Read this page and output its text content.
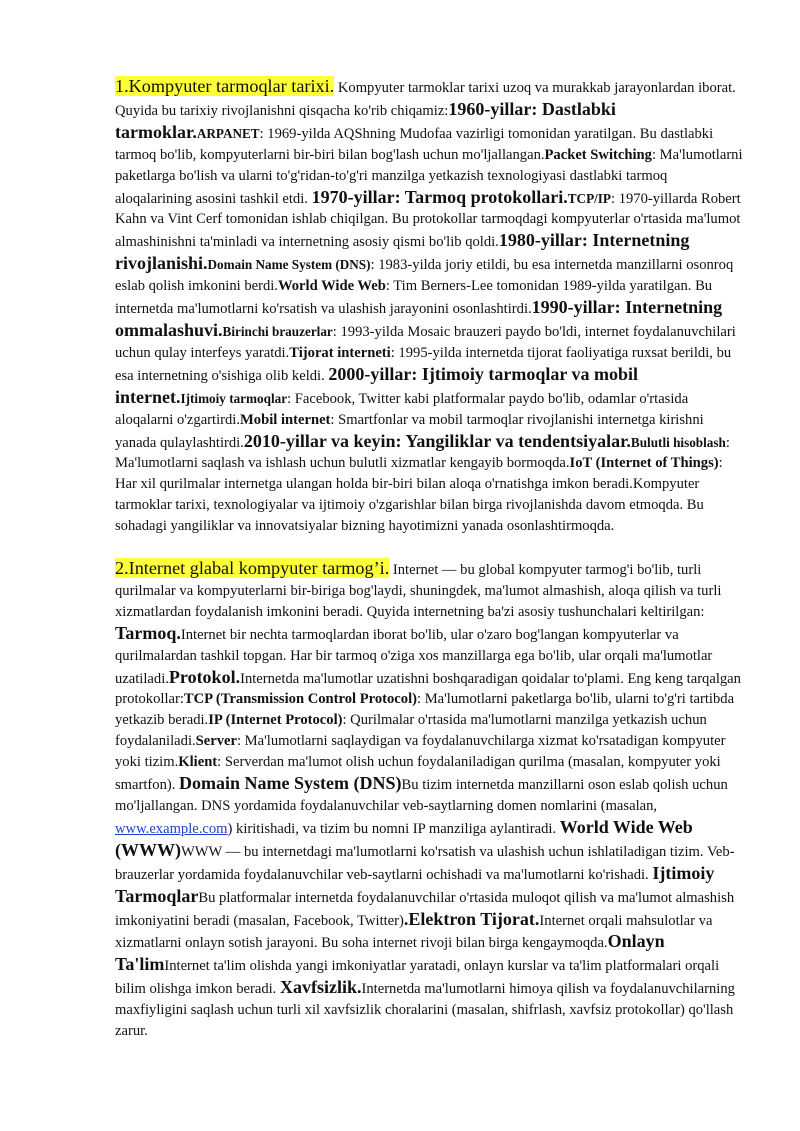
1.Kompyuter tarmoqlar tarixi. Kompyuter tarmoklar tarixi uzoq va murakkab jarayonlardan iborat. Quyida bu tarixiy rivojlanishni qisqacha ko'rib chiqamiz:1960-yillar: Dastlabki tarmoklar.ARPANET: 1969-yilda AQShning Mudofaa vazirligi tomonidan yaratilgan. Bu dastlabki tarmoq bo'lib, kompyuterlarni bir-biri bilan bog'lash uchun mo'ljallangan.Packet Switching: Ma'lumotlarni paketlarga bo'lish va ularni to'g'ridan-to'g'ri manzilga yetkazish texnologiyasi dastlabki tarmoq aloqalarining asosini tashkil etdi. 1970-yillar: Tarmoq protokollari.TCP/IP: 1970-yillarda Robert Kahn va Vint Cerf tomonidan ishlab chiqilgan. Bu protokollar tarmoqdagi kompyuterlar o'rtasida ma'lumot almashinishni ta'minladi va internetning asosiy qismi bo'lib qoldi.1980-yillar: Internetning rivojlanishi.Domain Name System (DNS): 1983-yilda joriy etildi, bu esa internetda manzillarni osonroq eslab qolish imkonini berdi.World Wide Web: Tim Berners-Lee tomonidan 1989-yilda yaratilgan. Bu internetda ma'lumotlarni ko'rsatish va ulashish jarayonini osonlashtirdi.1990-yillar: Internetning ommalashuvi.Birinchi brauzerlar: 1993-yilda Mosaic brauzeri paydo bo'ldi, internet foydalanuvchilari uchun qulay interfeys yaratdi.Tijorat interneti: 1995-yilda internetda tijorat faoliyatiga ruxsat berildi, bu esa internetning o'sishiga olib keldi. 2000-yillar: Ijtimoiy tarmoqlar va mobil internet.Ijtimoiy tarmoqlar: Facebook, Twitter kabi platformalar paydo bo'lib, odamlar o'rtasida aloqalarni o'zgartirdi.Mobil internet: Smartfonlar va mobil tarmoqlar rivojlanishi internetga kirishni yanada qulaylashtirdi.2010-yillar va keyin: Yangiliklar va tendentsiyalar.Bulutli hisoblash: Ma'lumotlarni saqlash va ishlash uchun bulutli xizmatlar kengayib bormoqda.IoT (Internet of Things): Har xil qurilmalar internetga ulangan holda bir-biri bilan aloqa o'rnatishga imkon beradi.Kompyuter tarmoklar tarixi, texnologiyalar va ijtimoiy o'zgarishlar bilan birga rivojlanishda davom etmoqda. Bu sohadagi yangiliklar va innovatsiyalar bizning hayotimizni yanada osonlashtirmoqda.

2.Internet glabal kompyuter tarmog’i. Internet — bu global kompyuter tarmog'i bo'lib, turli qurilmalar va kompyuterlarni bir-biriga bog'laydi, shuningdek, ma'lumot almashish, aloqa qilish va turli xizmatlardan foydalanish imkonini beradi. Quyida internetning ba'zi asosiy tushunchalari keltirilgan: Tarmoq.Internet bir nechta tarmoqlardan iborat bo'lib, ular o'zaro bog'langan kompyuterlar va qurilmalardan tashkil topgan. Har bir tarmoq o'ziga xos manzillarga ega bo'lib, ular orqali ma'lumotlar uzatiladi.Protokol.Internetda ma'lumotlar uzatishni boshqaradigan qoidalar to'plami. Eng keng tarqalgan protokollar:TCP (Transmission Control Protocol): Ma'lumotlarni paketlarga bo'lib, ularni to'g'ri tartibda yetkazib beradi.IP (Internet Protocol): Qurilmalar o'rtasida ma'lumotlarni manzilga yetkazish uchun foydalaniladi.Server: Ma'lumotlarni saqlaydigan va foydalanuvchilarga xizmat ko'rsatadigan kompyuter yoki tizim.Klient: Serverdan ma'lumot olish uchun foydalaniladigan qurilma (masalan, kompyuter yoki smartfon). Domain Name System (DNS)Bu tizim internetda manzillarni oson eslab qolish uchun mo'ljallangan. DNS yordamida foydalanuvchilar veb-saytlarning domen nomlarini (masalan, www.example.com) kiritishadi, va tizim bu nomni IP manziliga aylantiradi. World Wide Web (WWW)WWW — bu internetdagi ma'lumotlarni ko'rsatish va ulashish uchun ishlatiladigan tizim. Veb-brauzerlar yordamida foydalanuvchilar veb-saytlarni ochishadi va ma'lumotlarni ko'rishadi. Ijtimoiy TarmoqlarBu platformalar internetda foydalanuvchilar o'rtasida muloqot qilish va ma'lumot almashish imkoniyatini beradi (masalan, Facebook, Twitter).Elektron Tijorat.Internet orqali mahsulotlar va xizmatlarni onlayn sotish jarayoni. Bu soha internet rivoji bilan birga kengaymoqda.Onlayn Ta'limInternet ta'lim olishda yangi imkoniyatlar yaratadi, onlayn kurslar va ta'lim platformalari orqali bilim olishga imkon beradi. Xavfsizlik.Internetda ma'lumotlarni himoya qilish va foydalanuvchilarning maxfiyligini saqlash uchun turli xil xavfsizlik choralarini (masalan, shifrlash, xavfsiz protokollar) qo'llash zarur.
